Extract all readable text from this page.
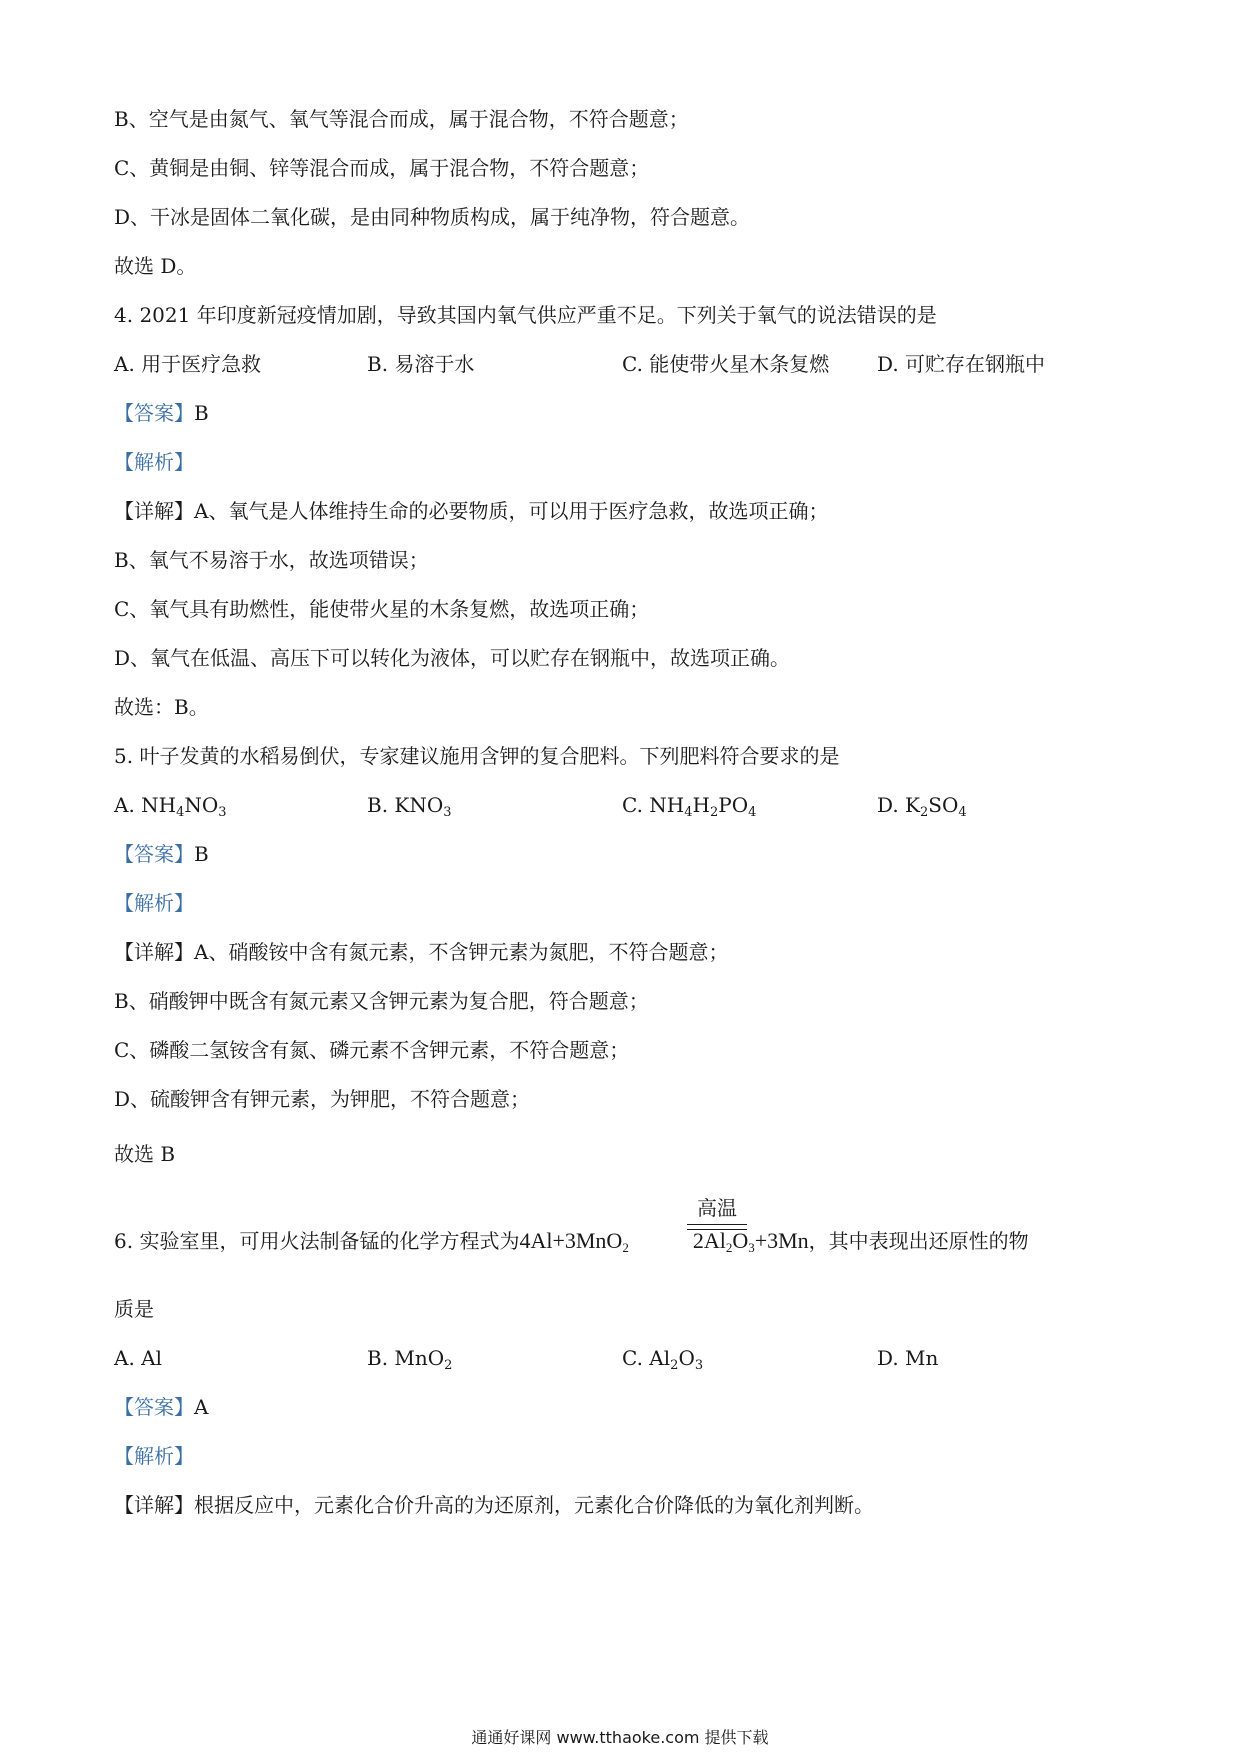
B、空气是由氮气、氧气等混合而成，属于混合物，不符合题意；
C、黄铜是由铜、锌等混合而成，属于混合物，不符合题意；
D、干冰是固体二氧化碳，是由同种物质构成，属于纯净物，符合题意。
故选 D。
4. 2021 年印度新冠疫情加剧，导致其国内氧气供应严重不足。下列关于氧气的说法错误的是
A. 用于医疗急救	B. 易溶于水	C. 能使带火星木条复燃 D. 可贮存在钢瓶中
【答案】B
【解析】
【详解】A、氧气是人体维持生命的必要物质，可以用于医疗急救，故选项正确；
B、氧气不易溶于水，故选项错误；
C、氧气具有助燃性，能使带火星的木条复燃，故选项正确；
D、氧气在低温、高压下可以转化为液体，可以贮存在钢瓶中，故选项正确。
故选：B。
5. 叶子发黄的水稻易倒伏，专家建议施用含钾的复合肥料。下列肥料符合要求的是
A. $NH_4NO_3$	B. $KNO_3$	C. $NH_4H_2PO_4$	D. $K_2SO_4$
【答案】B
【解析】
【详解】A、硝酸铵中含有氮元素，不含钾元素为氮肥，不符合题意；
B、硝酸钾中既含有氮元素又含钾元素为复合肥，符合题意；
C、磷酸二氢铵含有氮、磷元素不含钾元素，不符合题意；
D、硫酸钾含有钾元素，为钾肥，不符合题意；
故选 B
高温
6. 实验室里，可用火法制备锰的化学方程式为4Al+3MnO$_2$	$2Al_2O_3+3Mn$，其中表现出还原性的物
质是
A. Al	B. MnO$_2$	C. $Al_2O_3$	D. Mn
【答案】A
【解析】
【详解】根据反应中，元素化合价升高的为还原剂，元素化合价降低的为氧化剂判断。
通通好课网 www.tthaoke.com 提供下载
